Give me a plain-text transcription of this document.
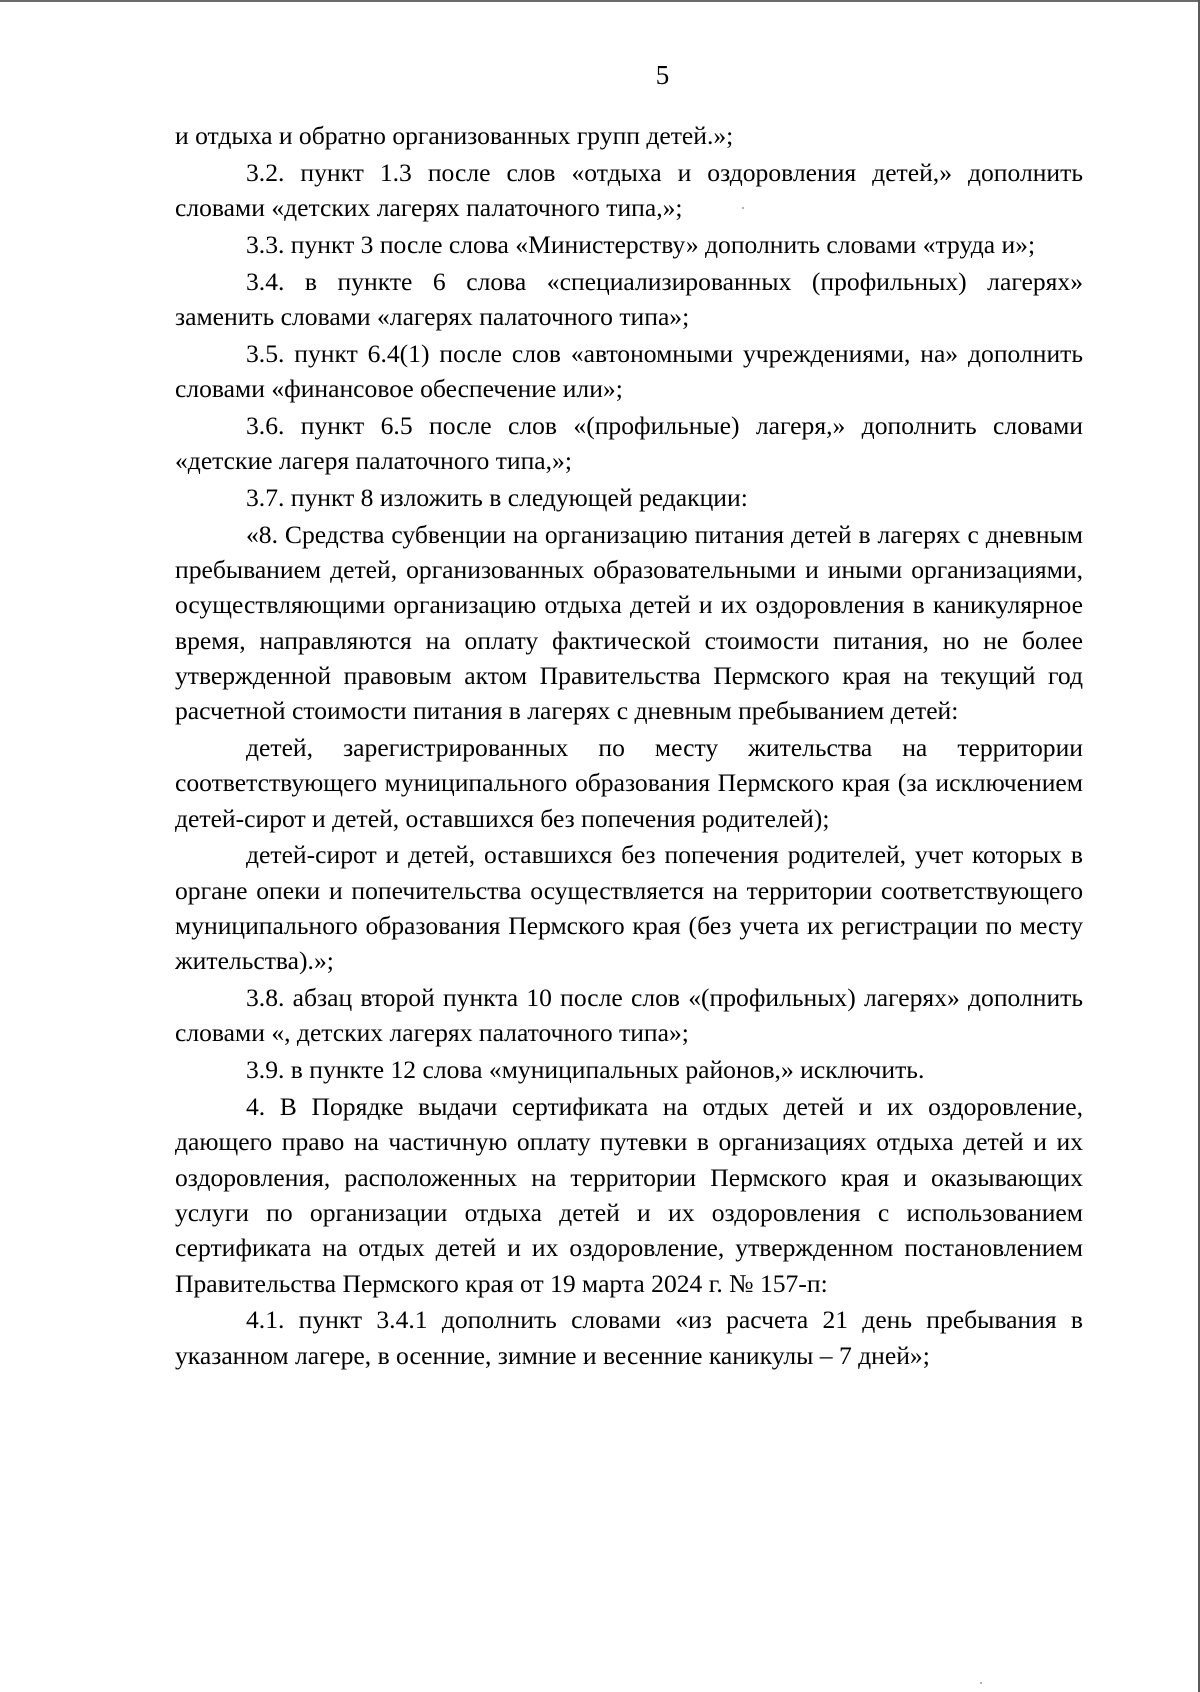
5

и отдыха и обратно организованных групп детей.»;

3.2. пункт 1.3 после слов «отдыха и оздоровления детей,» дополнить словами «детских лагерях палаточного типа,»;

3.3. пункт 3 после слова «Министерству» дополнить словами «труда и»;

3.4. в пункте 6 слова «специализированных (профильных) лагерях» заменить словами «лагерях палаточного типа»;

3.5. пункт 6.4(1) после слов «автономными учреждениями, на» дополнить словами «финансовое обеспечение или»;

3.6. пункт 6.5 после слов «(профильные) лагеря,» дополнить словами «детские лагеря палаточного типа,»;

3.7. пункт 8 изложить в следующей редакции:

«8. Средства субвенции на организацию питания детей в лагерях с дневным пребыванием детей, организованных образовательными и иными организациями, осуществляющими организацию отдыха детей и их оздоровления в каникулярное время, направляются на оплату фактической стоимости питания, но не более утвержденной правовым актом Правительства Пермского края на текущий год расчетной стоимости питания в лагерях с дневным пребыванием детей:

детей, зарегистрированных по месту жительства на территории соответствующего муниципального образования Пермского края (за исключением детей-сирот и детей, оставшихся без попечения родителей);

детей-сирот и детей, оставшихся без попечения родителей, учет которых в органе опеки и попечительства осуществляется на территории соответствующего муниципального образования Пермского края (без учета их регистрации по месту жительства).»;

3.8. абзац второй пункта 10 после слов «(профильных) лагерях» дополнить словами «, детских лагерях палаточного типа»;

3.9. в пункте 12 слова «муниципальных районов,» исключить.

4. В Порядке выдачи сертификата на отдых детей и их оздоровление, дающего право на частичную оплату путевки в организациях отдыха детей и их оздоровления, расположенных на территории Пермского края и оказывающих услуги по организации отдыха детей и их оздоровления с использованием сертификата на отдых детей и их оздоровление, утвержденном постановлением Правительства Пермского края от 19 марта 2024 г. № 157-п:

4.1. пункт 3.4.1 дополнить словами «из расчета 21 день пребывания в указанном лагере, в осенние, зимние и весенние каникулы – 7 дней»;
